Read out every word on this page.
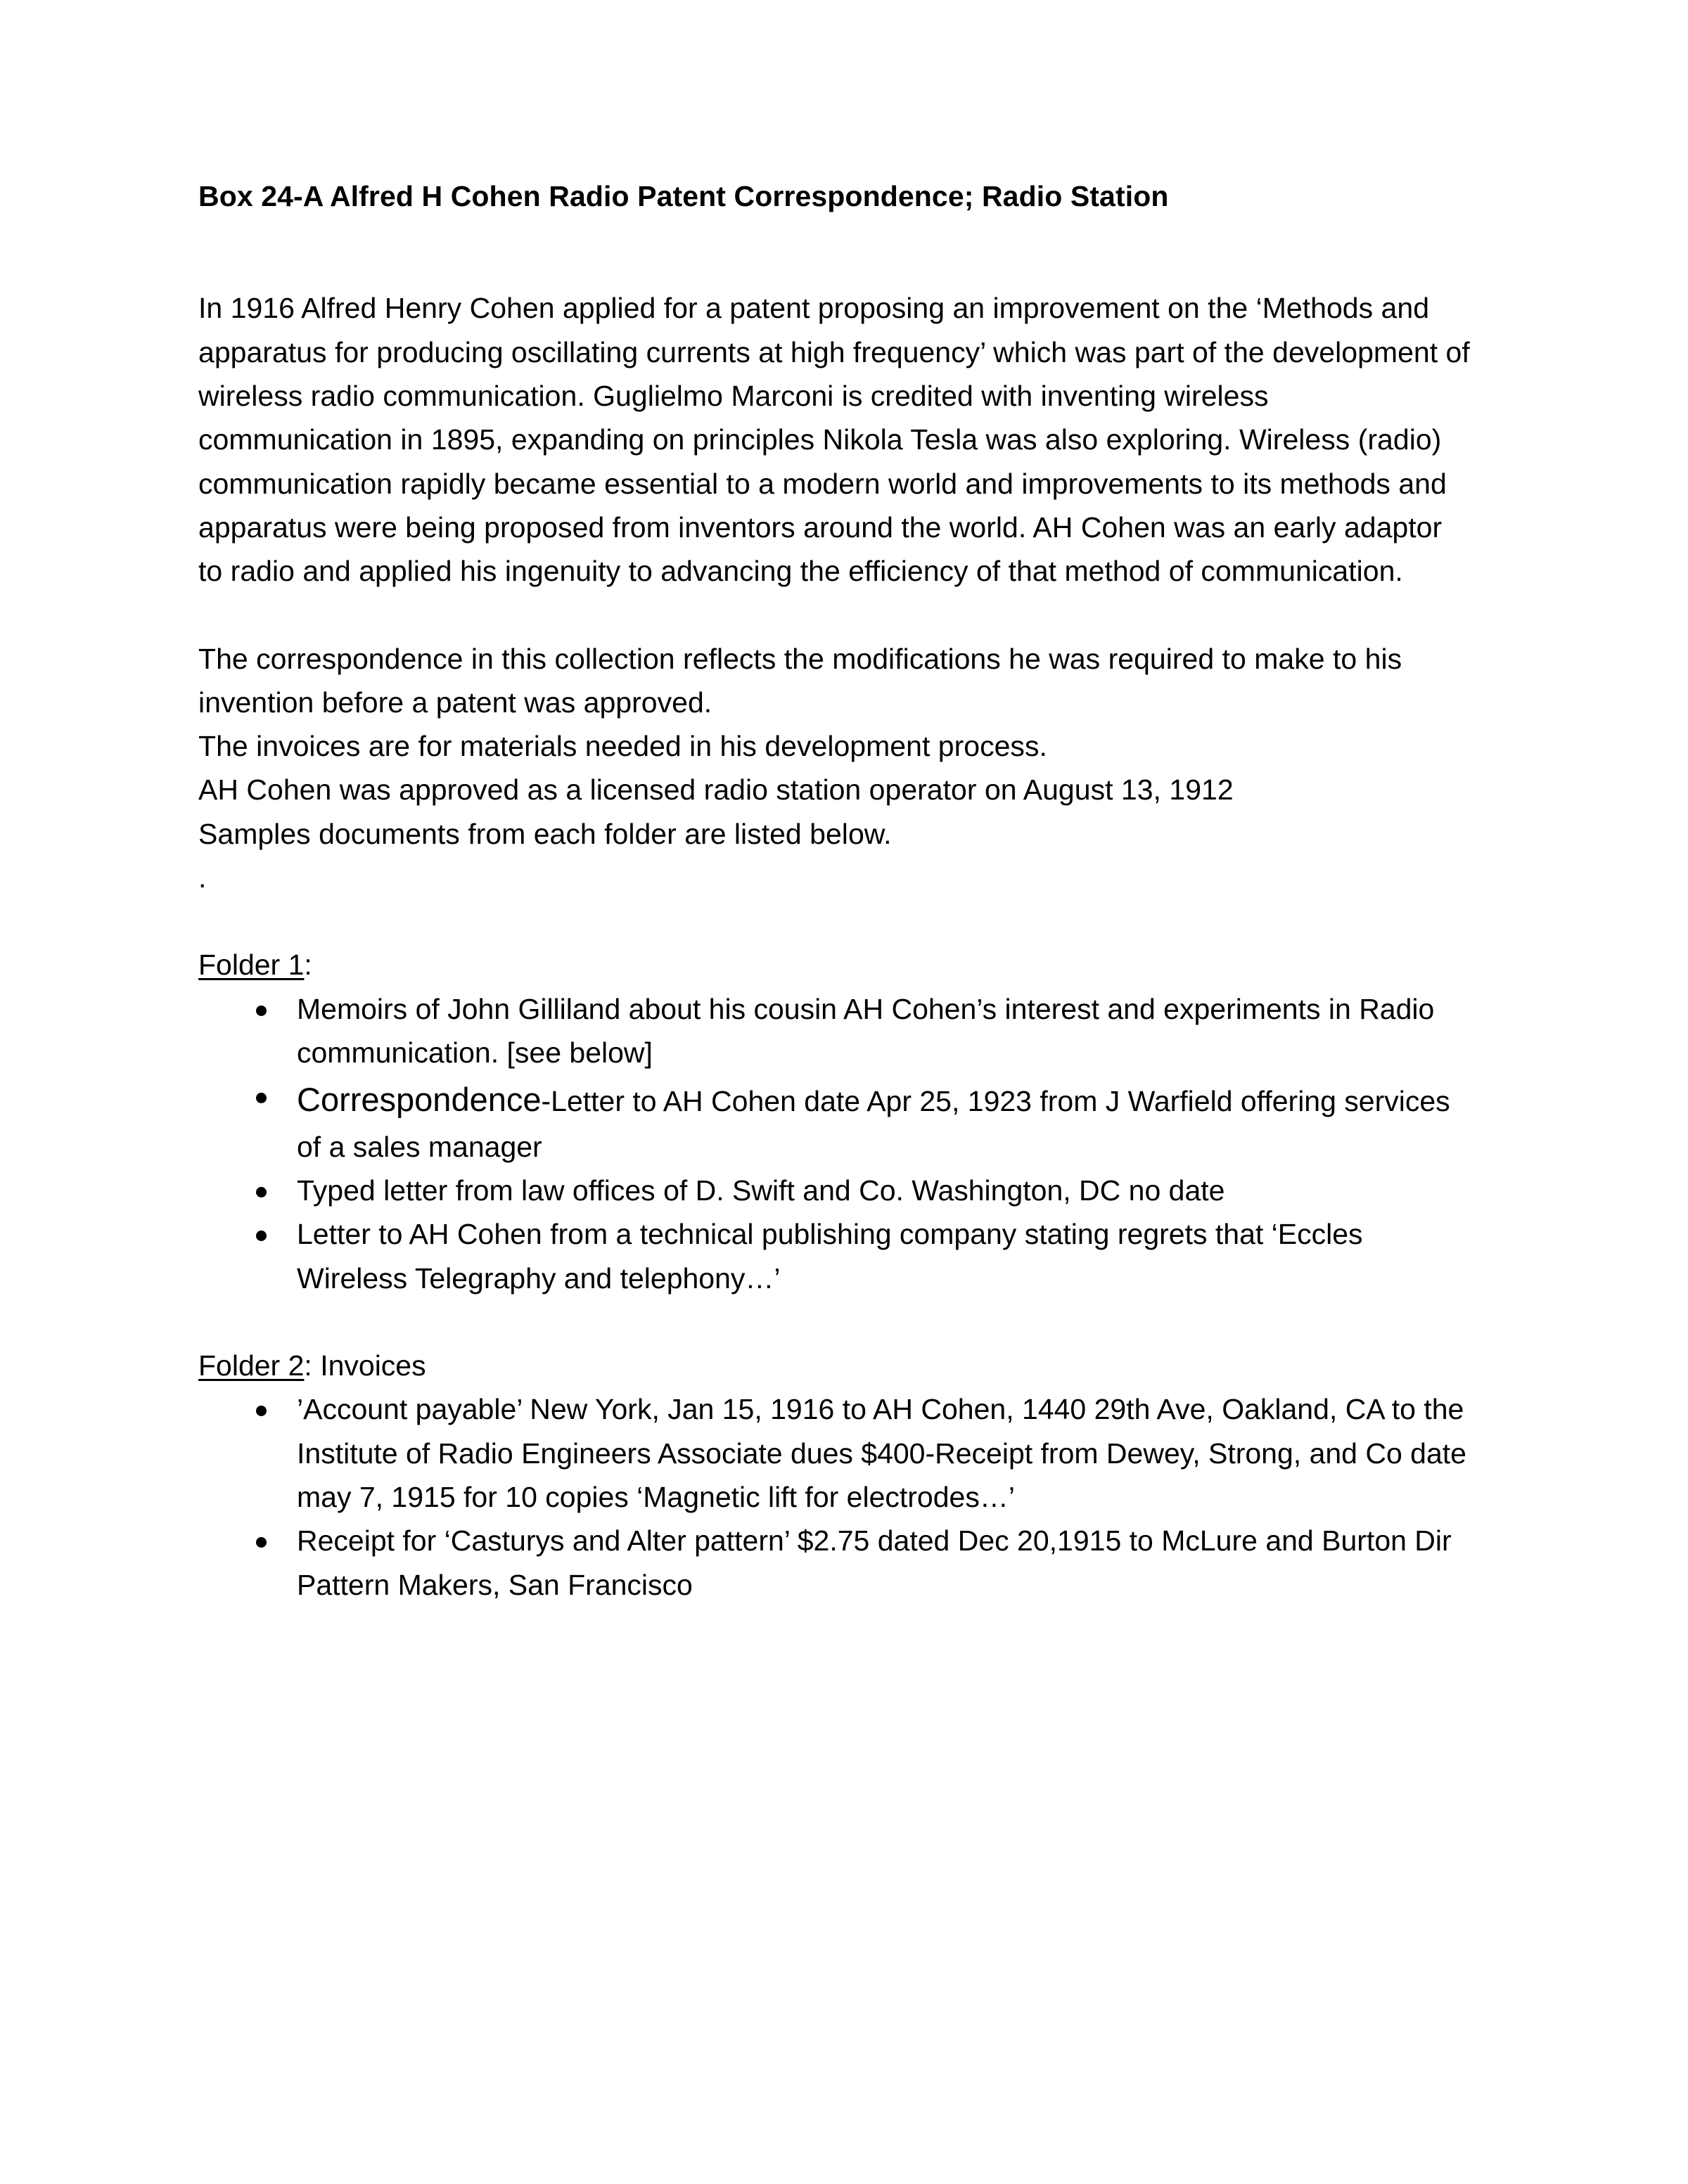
Box 24-A Alfred H Cohen Radio Patent Correspondence; Radio Station

In 1916 Alfred Henry Cohen applied for a patent proposing an improvement on the ‘Methods and apparatus for producing oscillating currents at high frequency’ which was part of the development of wireless radio communication. Guglielmo Marconi is credited with inventing wireless communication in 1895, expanding on principles Nikola Tesla was also exploring. Wireless (radio) communication rapidly became essential to a modern world and improvements to its methods and apparatus were being proposed from inventors around the world. AH Cohen was an early adaptor to radio and applied his ingenuity to advancing the efficiency of that method of communication.

The correspondence in this collection reflects the modifications he was required to make to his invention before a patent was approved.

The invoices are for materials needed in his development process.

AH Cohen was approved as a licensed radio station operator on August 13, 1912

Samples documents from each folder are listed below.

.

Folder 1:

Memoirs of John Gilliland about his cousin AH Cohen’s interest and experiments in Radio communication. [see below]
Correspondence-Letter to AH Cohen date Apr 25, 1923 from J Warfield offering services of a sales manager
Typed letter from law offices of D. Swift and Co. Washington, DC no date
Letter to AH Cohen from a technical publishing company stating regrets that ‘Eccles Wireless Telegraphy and telephony…’

Folder 2: Invoices

’Account payable’ New York, Jan 15, 1916 to AH Cohen, 1440 29th Ave, Oakland, CA to the Institute of Radio Engineers Associate dues $400-Receipt from Dewey, Strong, and Co date may 7, 1915 for 10 copies ‘Magnetic lift for electrodes…’
Receipt for ‘Casturys and Alter pattern’ $2.75 dated Dec 20,1915 to McLure and Burton Dir Pattern Makers, San Francisco
